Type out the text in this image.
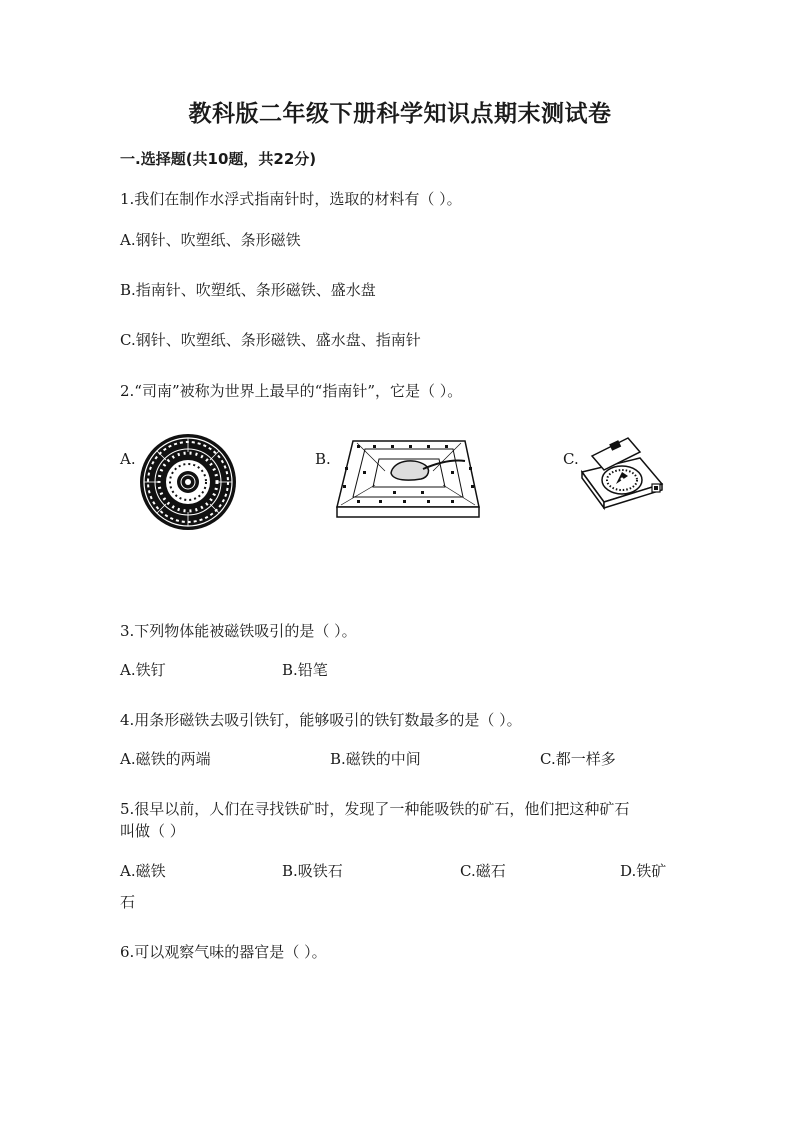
教科版二年级下册科学知识点期末测试卷
一.选择题(共10题，共22分)
1.我们在制作水浮式指南针时，选取的材料有（ ）。
A.钢针、吹塑纸、条形磁铁
B.指南针、吹塑纸、条形磁铁、盛水盘
C.钢针、吹塑纸、条形磁铁、盛水盘、指南针
2.“司南”被称为世界上最早的“指南针”，它是（ ）。
A.	B.	C.
3.下列物体能被磁铁吸引的是（ ）。
A.铁钉	B.铅笔
4.用条形磁铁去吸引铁钉，能够吸引的铁钉数最多的是（ ）。
A.磁铁的两端	B.磁铁的中间	C.都一样多
5.很早以前，人们在寻找铁矿时，发现了一种能吸铁的矿石，他们把这种矿石
叫做（ ）
A.磁铁	B.吸铁石	C.磁石	D.铁矿
石
6.可以观察气味的器官是（ ）。
